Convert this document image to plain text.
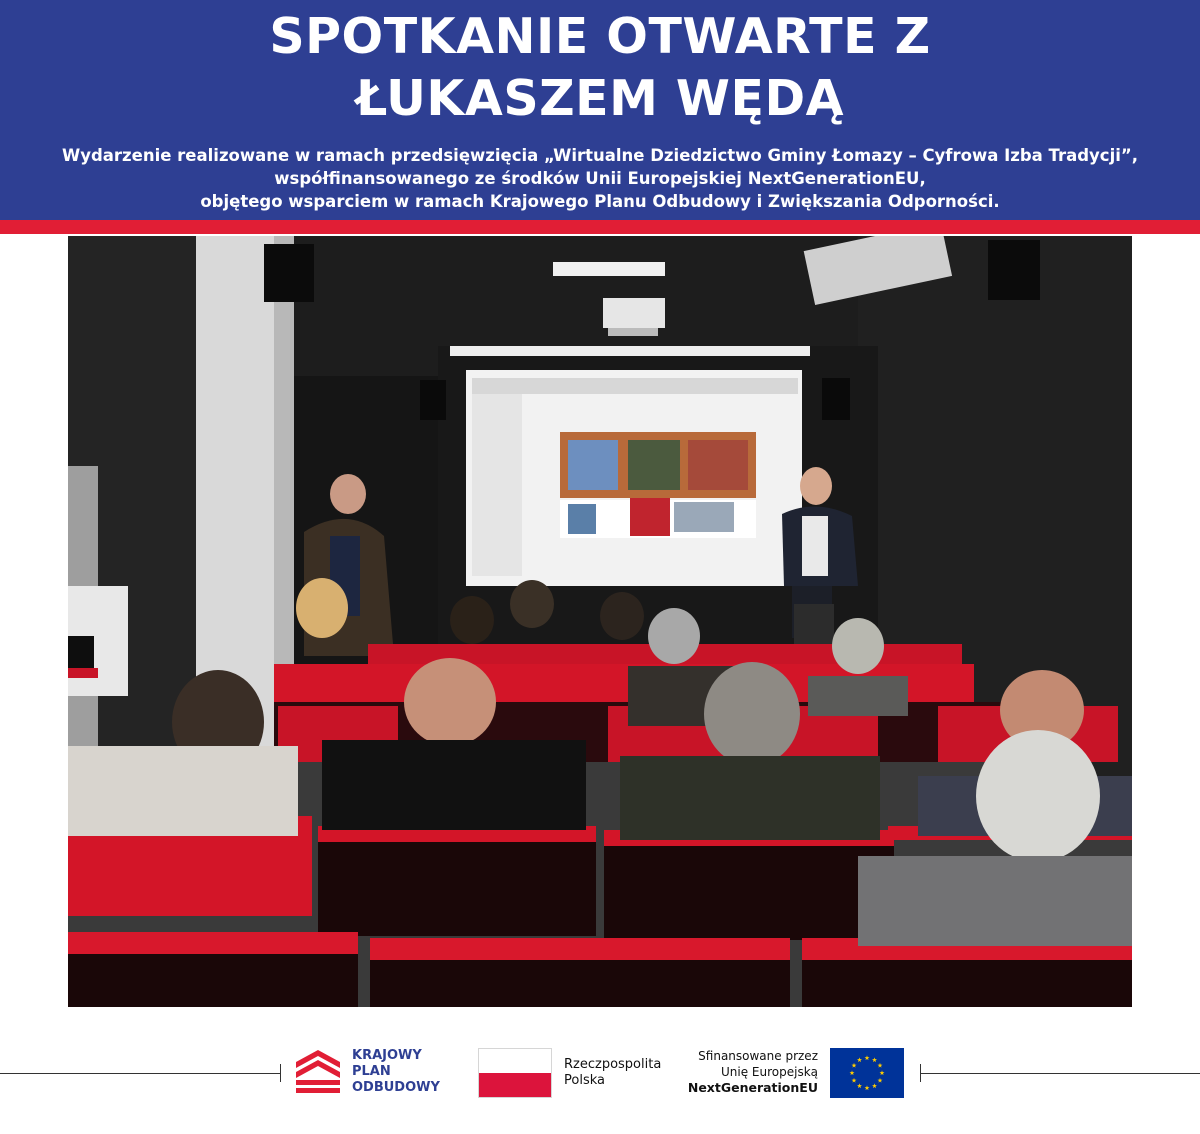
SPOTKANIE OTWARTE Z
ŁUKASZEM WĘDĄ
Wydarzenie realizowane w ramach przedsięwzięcia „Wirtualne Dziedzictwo Gminy Łomazy – Cyfrowa Izba Tradycji”,
współfinansowanego ze środków Unii Europejskiej NextGenerationEU,
objętego wsparciem w ramach Krajowego Planu Odbudowy i Zwiększania Odporności.
KRAJOWY
PLAN
ODBUDOWY
Rzeczpospolita
Polska
Sfinansowane przez
Unię Europejską
NextGenerationEU
